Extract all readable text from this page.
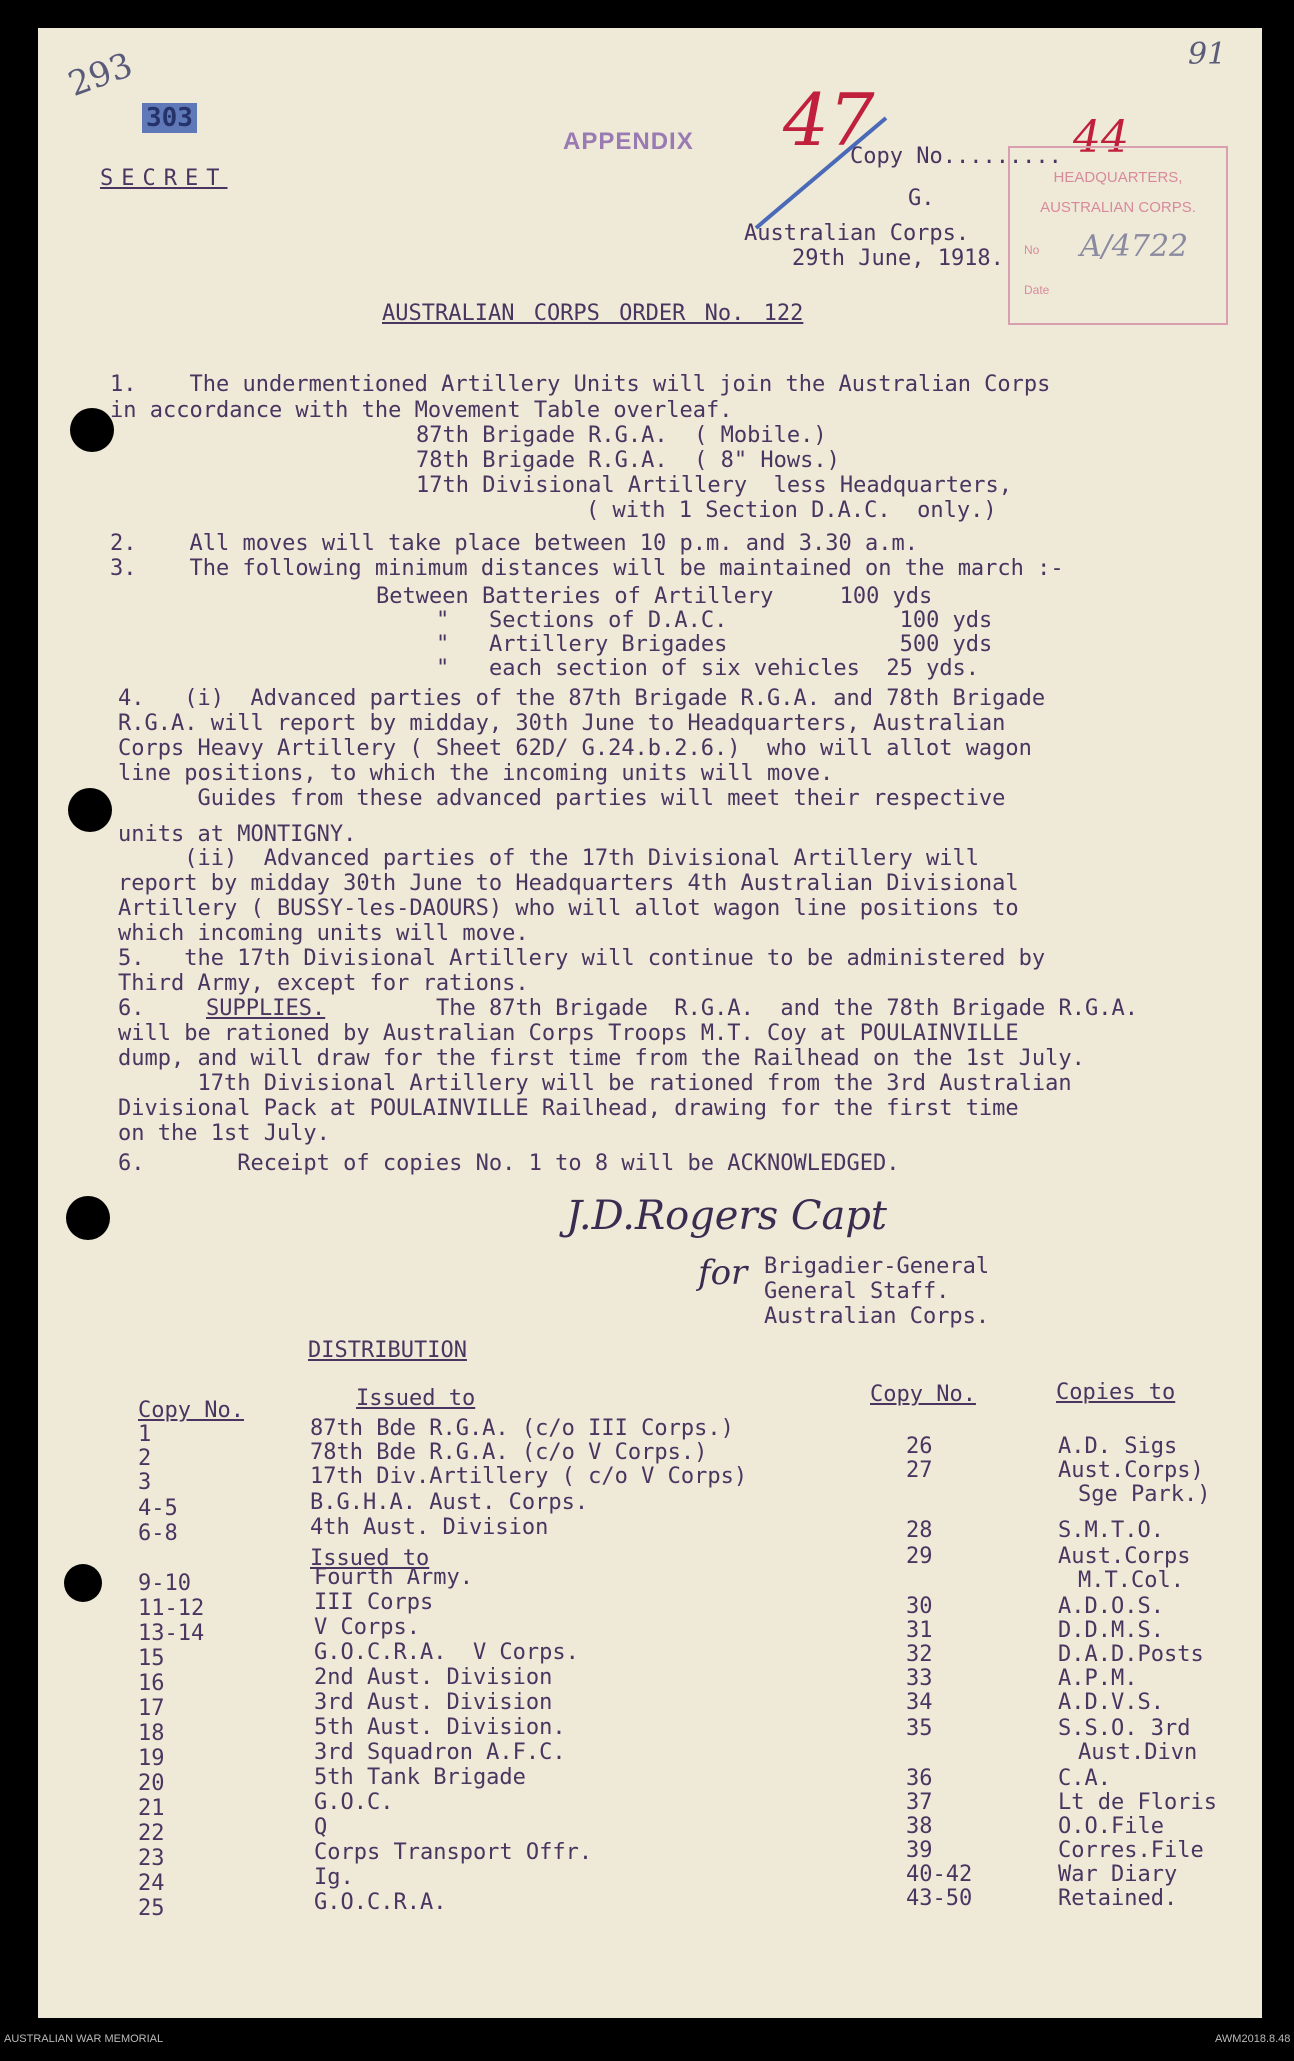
293
303
91
APPENDIX 47	44
SECRET
Copy No.........
G.
Australian Corps.
29th June, 1918.
HEADQUARTERS,
AUSTRALIAN CORPS.
No A/4722
Date
AUSTRALIAN CORPS ORDER No. 122
1.    The undermentioned Artillery Units will join the Australian Corps
in accordance with the Movement Table overleaf.
87th Brigade R.G.A.  ( Mobile.)
78th Brigade R.G.A.  ( 8" Hows.)
17th Divisional Artillery  less Headquarters,
( with 1 Section D.A.C.  only.)
2.    All moves will take place between 10 p.m. and 3.30 a.m.
3.    The following minimum distances will be maintained on the march :-
Between Batteries of Artillery     100 yds
"   Sections of D.A.C.             100 yds
"   Artillery Brigades             500 yds
"   each section of six vehicles  25 yds.
4.   (i)  Advanced parties of the 87th Brigade R.G.A. and 78th Brigade
R.G.A. will report by midday, 30th June to Headquarters, Australian
Corps Heavy Artillery ( Sheet 62D/ G.24.b.2.6.)  who will allot wagon
line positions, to which the incoming units will move.
Guides from these advanced parties will meet their respective
units at MONTIGNY.
(ii)  Advanced parties of the 17th Divisional Artillery will
report by midday 30th June to Headquarters 4th Australian Divisional
Artillery ( BUSSY-les-DAOURS) who will allot wagon line positions to
which incoming units will move.
5.   the 17th Divisional Artillery will continue to be administered by
Third Army, except for rations.
6.	SUPPLIES.	The 87th Brigade  R.G.A.  and the 78th Brigade R.G.A.
will be rationed by Australian Corps Troops M.T. Coy at POULAINVILLE
dump, and will draw for the first time from the Railhead on the 1st July.
17th Divisional Artillery will be rationed from the 3rd Australian
Divisional Pack at POULAINVILLE Railhead, drawing for the first time
on the 1st July.
6.       Receipt of copies No. 1 to 8 will be ACKNOWLEDGED.
J.D.Rogers Capt
for Brigadier-General
General Staff.
Australian Corps.
DISTRIBUTION
Copy No.	Issued to	Copy No.	Copies to
Issued to
1	87th Bde R.G.A. (c/o III Corps.)
2	78th Bde R.G.A. (c/o V Corps.)
3	17th Div.Artillery ( c/o V Corps)
4-5	B.G.H.A. Aust. Corps.
6-8	4th Aust. Division
9-10	Fourth Army.
11-12	III Corps
13-14	V Corps.
15	G.O.C.R.A.  V Corps.
16	2nd Aust. Division
17	3rd Aust. Division
18	5th Aust. Division.
19	3rd Squadron A.F.C.
20	5th Tank Brigade
21	G.O.C.
22	Q
23	Corps Transport Offr.
24	Ig.
25	G.O.C.R.A.
26	A.D. Sigs
27	Aust.Corps)
Sge Park.)
28	S.M.T.O.
29	Aust.Corps
M.T.Col.
30	A.D.O.S.
31	D.D.M.S.
32	D.A.D.Posts
33	A.P.M.
34	A.D.V.S.
35	S.S.O. 3rd
Aust.Divn
36	C.A.
37	Lt de Floris
38	O.O.File
39	Corres.File
40-42	War Diary
43-50	Retained.
AUSTRALIAN WAR MEMORIAL	AWM2018.8.48
